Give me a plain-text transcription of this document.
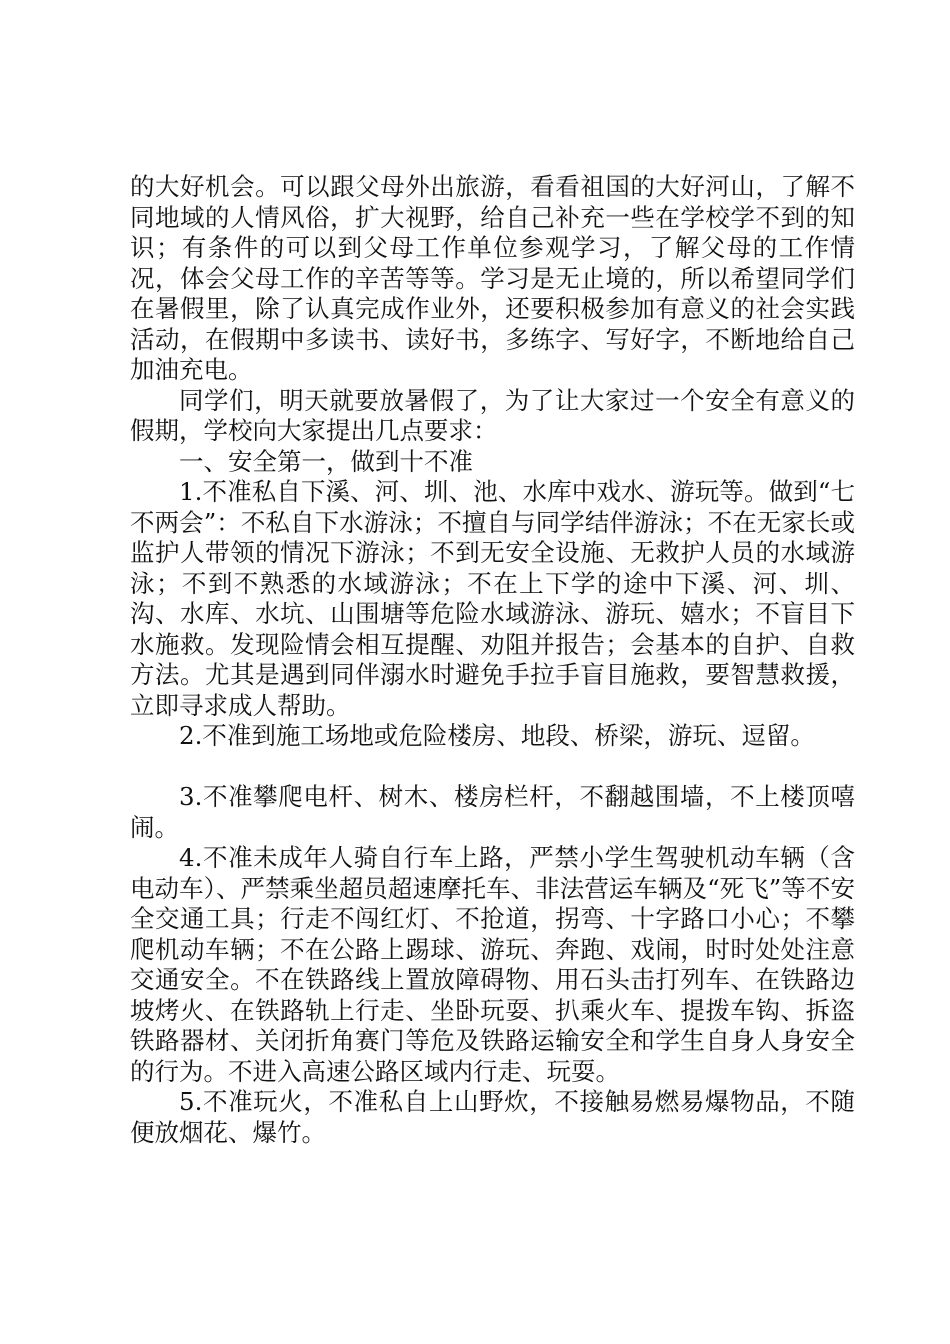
的大好机会。可以跟父母外出旅游，看看祖国的大好河山，了解不同地域的人情风俗，扩大视野，给自己补充一些在学校学不到的知识；有条件的可以到父母工作单位参观学习，了解父母的工作情况，体会父母工作的辛苦等等。学习是无止境的，所以希望同学们在暑假里，除了认真完成作业外，还要积极参加有意义的社会实践活动，在假期中多读书、读好书，多练字、写好字，不断地给自己加油充电。

同学们，明天就要放暑假了，为了让大家过一个安全有意义的假期，学校向大家提出几点要求：

一、安全第一，做到十不准

1.不准私自下溪、河、圳、池、水库中戏水、游玩等。做到“七不两会”：不私自下水游泳；不擅自与同学结伴游泳；不在无家长或监护人带领的情况下游泳；不到无安全设施、无救护人员的水域游泳；不到不熟悉的水域游泳；不在上下学的途中下溪、河、圳、沟、水库、水坑、山围塘等危险水域游泳、游玩、嬉水；不盲目下水施救。发现险情会相互提醒、劝阻并报告；会基本的自护、自救方法。尤其是遇到同伴溺水时避免手拉手盲目施救，要智慧救援，立即寻求成人帮助。

2.不准到施工场地或危险楼房、地段、桥梁，游玩、逗留。

3.不准攀爬电杆、树木、楼房栏杆，不翻越围墙，不上楼顶嘻闹。

4.不准未成年人骑自行车上路，严禁小学生驾驶机动车辆（含电动车）、严禁乘坐超员超速摩托车、非法营运车辆及“死飞”等不安全交通工具；行走不闯红灯、不抢道，拐弯、十字路口小心；不攀爬机动车辆；不在公路上踢球、游玩、奔跑、戏闹，时时处处注意交通安全。不在铁路线上置放障碍物、用石头击打列车、在铁路边坡烤火、在铁路轨上行走、坐卧玩耍、扒乘火车、提拨车钩、拆盗铁路器材、关闭折角赛门等危及铁路运输安全和学生自身人身安全的行为。不进入高速公路区域内行走、玩耍。

5.不准玩火，不准私自上山野炊，不接触易燃易爆物品，不随便放烟花、爆竹。
